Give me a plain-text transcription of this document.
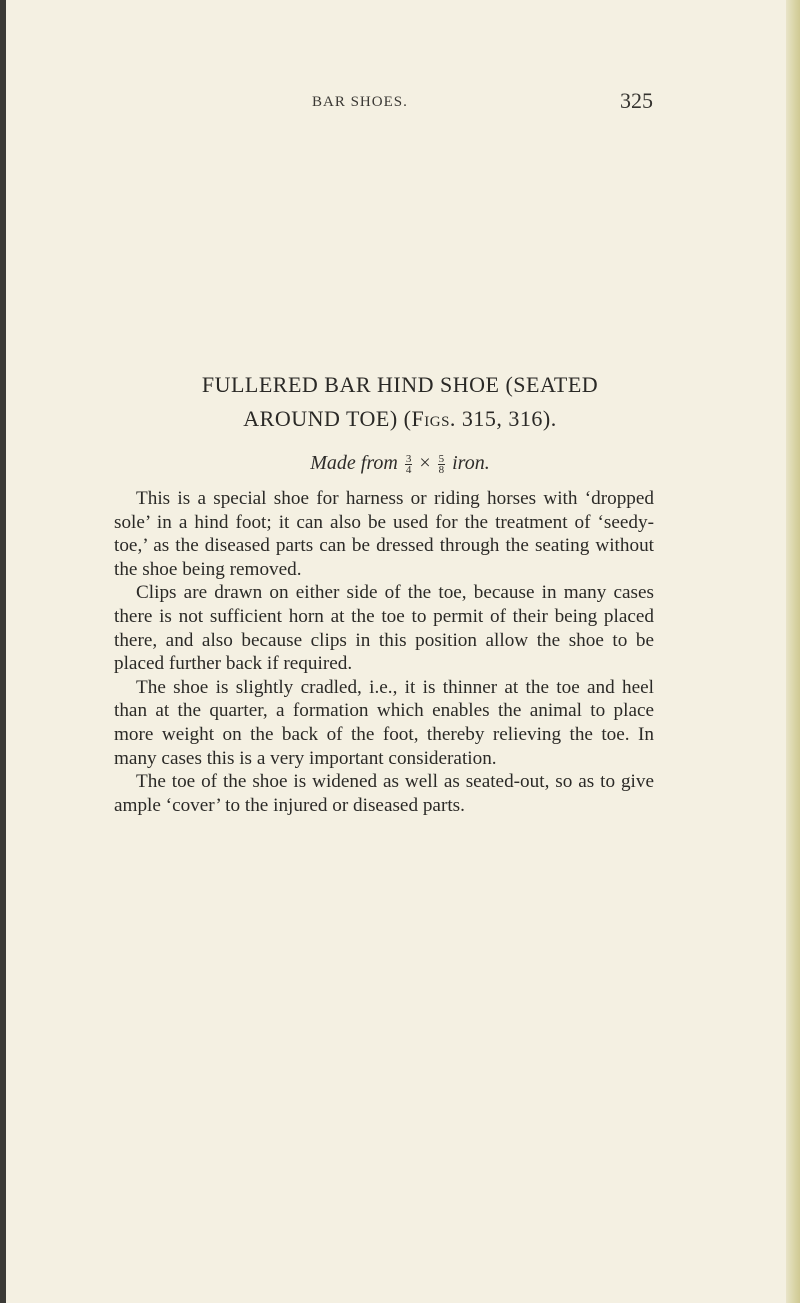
BAR SHOES.	325
FULLERED BAR HIND SHOE (SEATED
AROUND TOE) (Figs. 315, 316).
Made from $\frac{3}{4} \times \frac{5}{8}$ iron.

This is a special shoe for harness or riding horses with ‘dropped sole’ in a hind foot; it can also be used for the treatment of ‘seedy-toe,’ as the diseased parts can be dressed through the seating without the shoe being removed.

Clips are drawn on either side of the toe, because in many cases there is not sufficient horn at the toe to permit of their being placed there, and also because clips in this position allow the shoe to be placed further back if required.

The shoe is slightly cradled, i.e., it is thinner at the toe and heel than at the quarter, a formation which enables the animal to place more weight on the back of the foot, thereby relieving the toe. In many cases this is a very important consideration.

The toe of the shoe is widened as well as seated-out, so as to give ample ‘cover’ to the injured or diseased parts.
